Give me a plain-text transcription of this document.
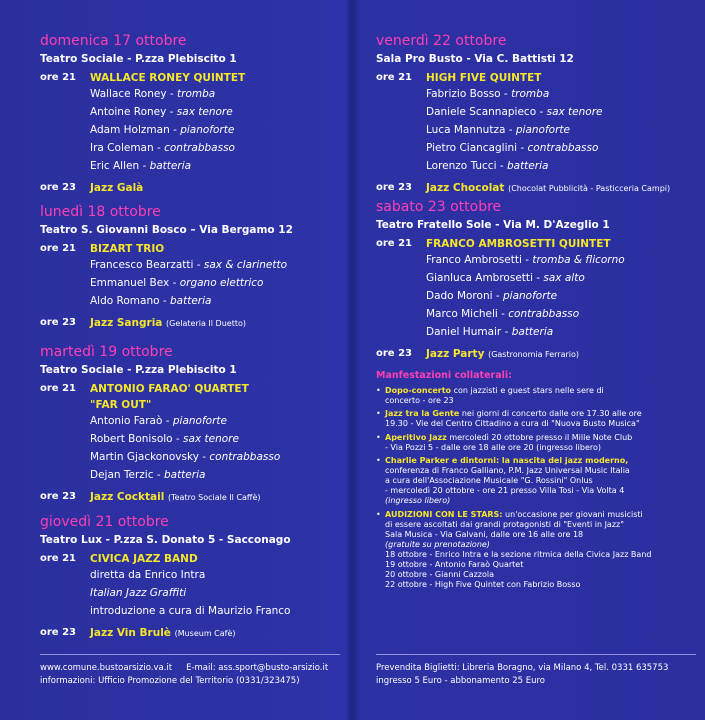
domenica 17 ottobre
Teatro Sociale - P.zza Plebiscito 1
ore 21 WALLACE RONEY QUINTET
Wallace Roney - tromba
Antoine Roney - sax tenore
Adam Holzman - pianoforte
Ira Coleman - contrabbasso
Eric Allen - batteria
ore 23 Jazz Galà
lunedì 18 ottobre
Teatro S. Giovanni Bosco – Via Bergamo 12
ore 21 BIZART TRIO
Francesco Bearzatti - sax & clarinetto
Emmanuel Bex - organo elettrico
Aldo Romano - batteria
ore 23 Jazz Sangria (Gelateria Il Duetto)
martedì 19 ottobre
Teatro Sociale - P.zza Plebiscito 1
ore 21 ANTONIO FARAO' QUARTET
"FAR OUT"
Antonio Faraò - pianoforte
Robert Bonisolo - sax tenore
Martin Gjackonovsky - contrabbasso
Dejan Terzic - batteria
ore 23 Jazz Cocktail (Teatro Sociale Il Caffè)
giovedì 21 ottobre
Teatro Lux - P.zza S. Donato 5 - Sacconago
ore 21 CIVICA JAZZ BAND
diretta da Enrico Intra
Italian Jazz Graffiti
introduzione a cura di Maurizio Franco
ore 23 Jazz Vin Brulè (Museum Cafè)
venerdì 22 ottobre
Sala Pro Busto - Via C. Battisti 12
ore 21 HIGH FIVE QUINTET
Fabrizio Bosso - tromba
Daniele Scannapieco - sax tenore
Luca Mannutza - pianoforte
Pietro Ciancaglini - contrabbasso
Lorenzo Tucci - batteria
ore 23 Jazz Chocolat (Chocolat Pubblicità - Pasticceria Campi)
sabato 23 ottobre
Teatro Fratello Sole - Via M. D'Azeglio 1
ore 21 FRANCO AMBROSETTI QUINTET
Franco Ambrosetti - tromba & flicorno
Gianluca Ambrosetti - sax alto
Dado Moroni - pianoforte
Marco Micheli - contrabbasso
Daniel Humair - batteria
ore 23 Jazz Party (Gastronomia Ferrario)
Manfestazioni collaterali:
• Dopo-concerto con jazzisti e guest stars nelle sere di
concerto - ore 23
• Jazz tra la Gente nei giorni di concerto dalle ore 17.30 alle ore
19.30 - Vie del Centro Cittadino a cura di "Nuova Busto Musica"
• Aperitivo Jazz mercoledì 20 ottobre presso il Mille Note Club
- Via Pozzi 5 - dalle ore 18 alle ore 20 (ingresso libero)
• Charlie Parker e dintorni: la nascita del jazz moderno,
conferenza di Franco Galliano, P.M. Jazz Universal Music Italia
a cura dell'Associazione Musicale "G. Rossini" Onlus
- mercoledì 20 ottobre - ore 21 presso Villa Tosi - Via Volta 4
(ingresso libero)
• AUDIZIONI CON LE STARS: un'occasione per giovani musicisti
di essere ascoltati dai grandi protagonisti di "Eventi in Jazz"
Sala Musica - Via Galvani, dalle ore 16 alle ore 18
(gratuite su prenotazione)
18 ottobre - Enrico Intra e la sezione ritmica della Civica Jazz Band
19 ottobre - Antonio Faraò Quartet
20 ottobre - Gianni Cazzola
22 ottobre - High Five Quintet con Fabrizio Bosso
www.comune.bustoarsizio.va.it E-mail: ass.sport@busto-arsizio.it
informazioni: Ufficio Promozione del Territorio (0331/323475)
Prevendita Biglietti: Libreria Boragno, via Milano 4, Tel. 0331 635753
ingresso 5 Euro - abbonamento 25 Euro
